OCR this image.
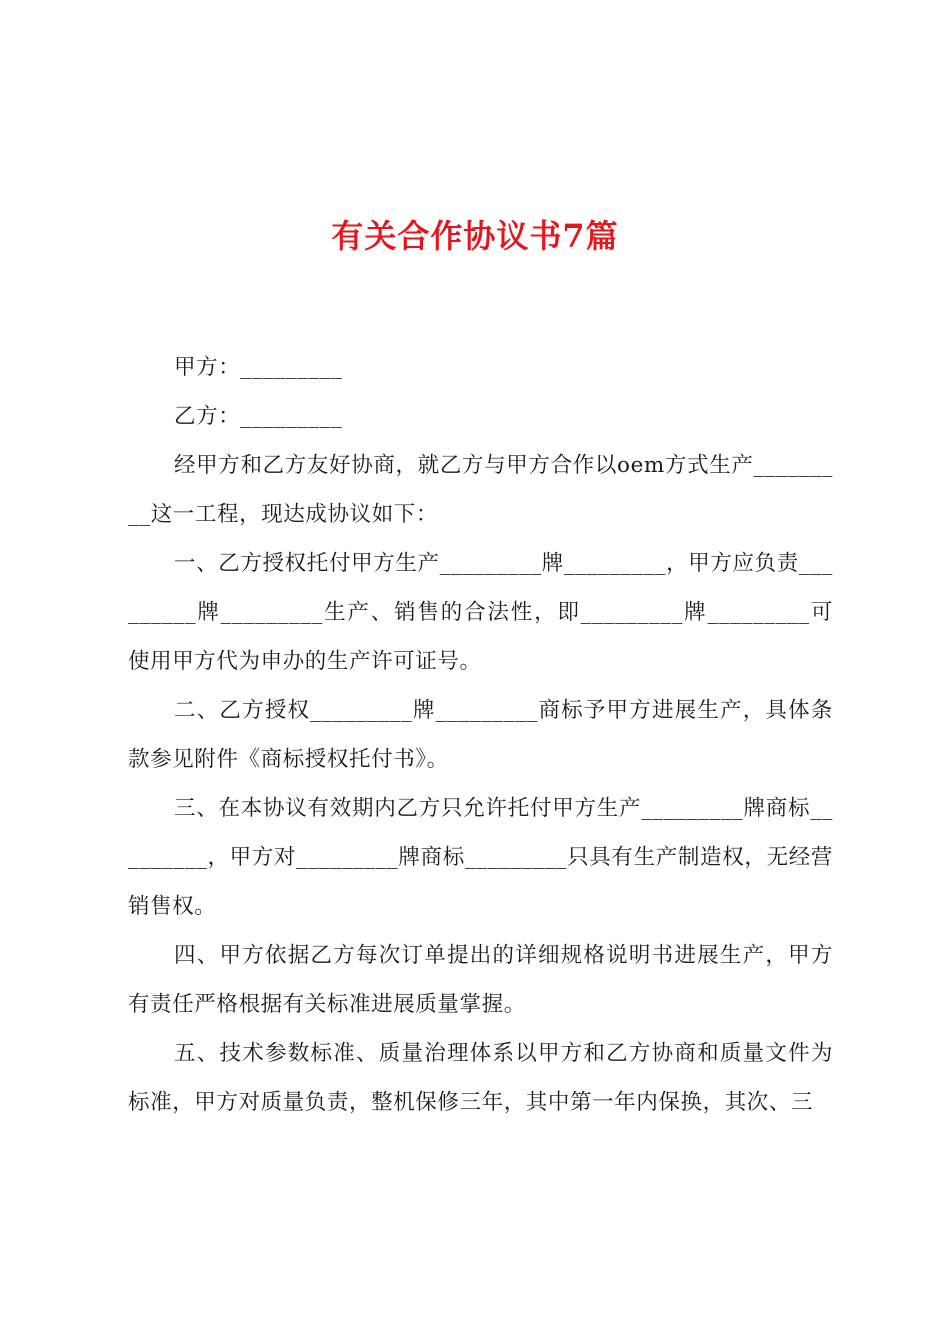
有关合作协议书7篇

甲方：_________

乙方：_________

经甲方和乙方友好协商，就乙方与甲方合作以oem方式生产_________这一工程，现达成协议如下：

一、乙方授权托付甲方生产_________牌_________，甲方应负责_________牌_________生产、销售的合法性，即_________牌_________可使用甲方代为申办的生产许可证号。

二、乙方授权_________牌_________商标予甲方进展生产，具体条款参见附件《商标授权托付书》。

三、在本协议有效期内乙方只允许托付甲方生产_________牌商标_________，甲方对_________牌商标_________只具有生产制造权，无经营销售权。

四、甲方依据乙方每次订单提出的详细规格说明书进展生产，甲方有责任严格根据有关标准进展质量掌握。

五、技术参数标准、质量治理体系以甲方和乙方协商和质量文件为标准，甲方对质量负责，整机保修三年，其中第一年内保换，其次、三
